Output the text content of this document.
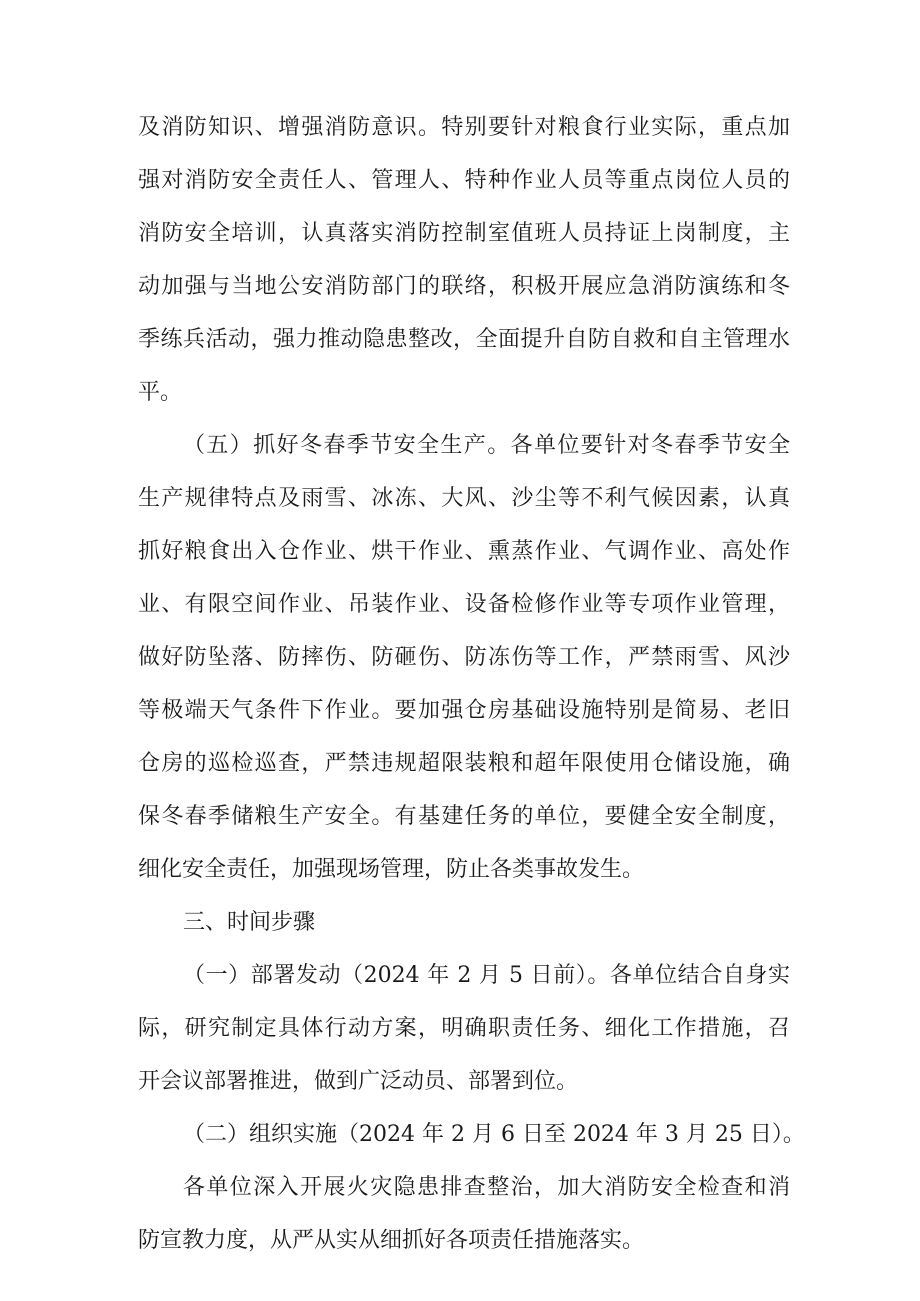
及消防知识、增强消防意识。特别要针对粮食行业实际，重点加
强对消防安全责任人、管理人、特种作业人员等重点岗位人员的
消防安全培训，认真落实消防控制室值班人员持证上岗制度，主
动加强与当地公安消防部门的联络，积极开展应急消防演练和冬
季练兵活动，强力推动隐患整改，全面提升自防自救和自主管理水
平。
（五）抓好冬春季节安全生产。各单位要针对冬春季节安全
生产规律特点及雨雪、冰冻、大风、沙尘等不利气候因素，认真
抓好粮食出入仓作业、烘干作业、熏蒸作业、气调作业、高处作
业、有限空间作业、吊装作业、设备检修作业等专项作业管理，
做好防坠落、防摔伤、防砸伤、防冻伤等工作，严禁雨雪、风沙
等极端天气条件下作业。要加强仓房基础设施特别是简易、老旧
仓房的巡检巡查，严禁违规超限装粮和超年限使用仓储设施，确
保冬春季储粮生产安全。有基建任务的单位，要健全安全制度，
细化安全责任，加强现场管理，防止各类事故发生。
三、时间步骤
（一）部署发动（2024 年 2 月 5 日前）。各单位结合自身实
际，研究制定具体行动方案，明确职责任务、细化工作措施，召
开会议部署推进，做到广泛动员、部署到位。
（二）组织实施（2024 年 2 月 6 日至 2024 年 3 月 25 日）。
各单位深入开展火灾隐患排查整治，加大消防安全检查和消
防宣教力度，从严从实从细抓好各项责任措施落实。
